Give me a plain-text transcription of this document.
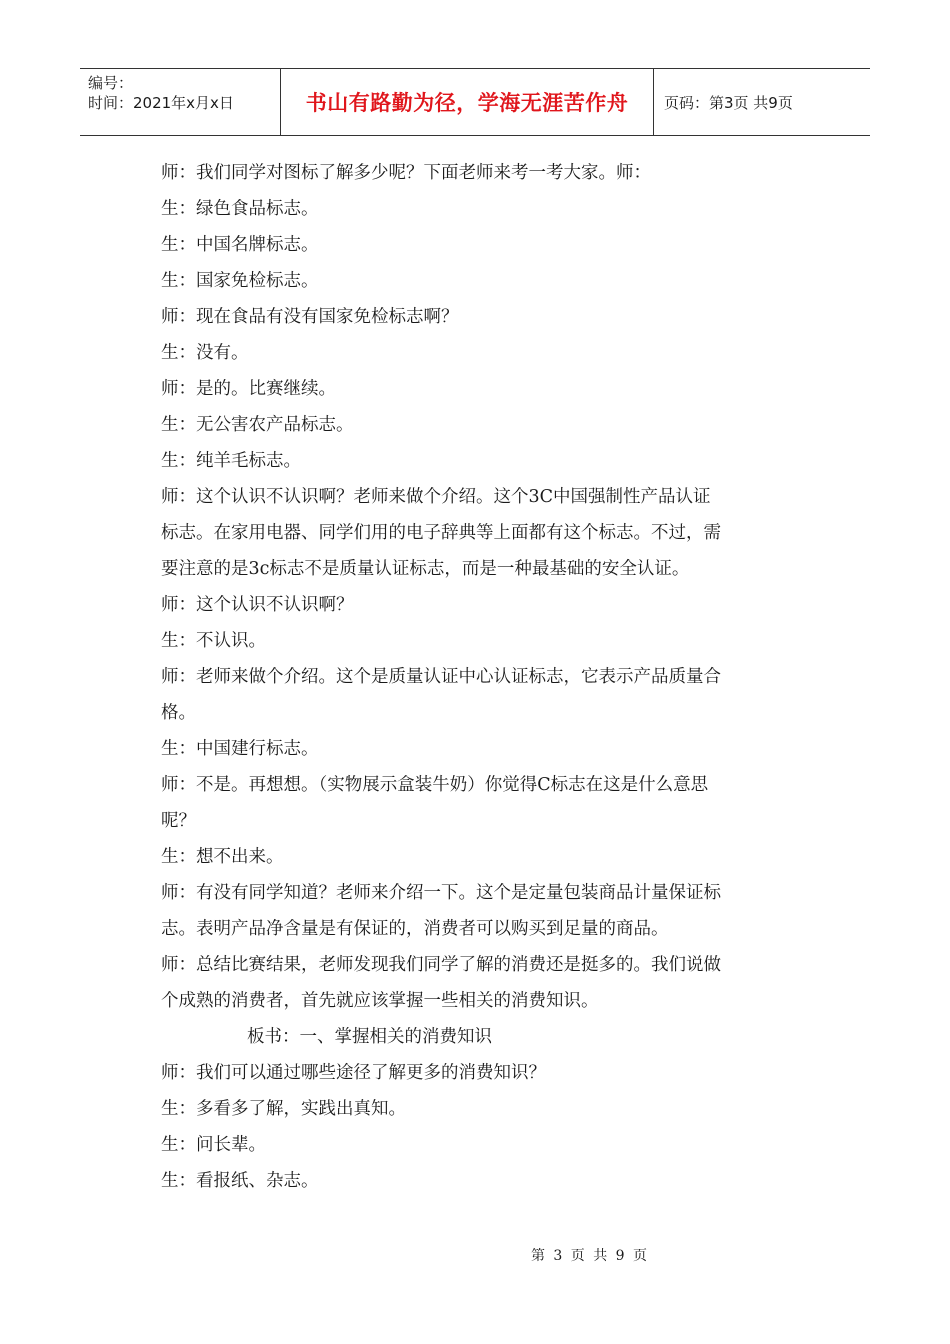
编号：
时间：2021年x月x日	书山有路勤为径，学海无涯苦作舟	页码：第3页 共9页
师：我们同学对图标了解多少呢？下面老师来考一考大家。师：
生：绿色食品标志。
生：中国名牌标志。
生：国家免检标志。
师：现在食品有没有国家免检标志啊？
生：没有。
师：是的。比赛继续。
生：无公害农产品标志。
生：纯羊毛标志。
师：这个认识不认识啊？老师来做个介绍。这个3C中国强制性产品认证
标志。在家用电器、同学们用的电子辞典等上面都有这个标志。不过，需
要注意的是3c标志不是质量认证标志，而是一种最基础的安全认证。
师：这个认识不认识啊？
生：不认识。
师：老师来做个介绍。这个是质量认证中心认证标志，它表示产品质量合
格。
生：中国建行标志。
师：不是。再想想。（实物展示盒装牛奶）你觉得C标志在这是什么意思
呢？
生：想不出来。
师：有没有同学知道？老师来介绍一下。这个是定量包装商品计量保证标
志。表明产品净含量是有保证的，消费者可以购买到足量的商品。
师：总结比赛结果，老师发现我们同学了解的消费还是挺多的。我们说做
个成熟的消费者，首先就应该掌握一些相关的消费知识。
板书：一、掌握相关的消费知识
师：我们可以通过哪些途径了解更多的消费知识？
生：多看多了解，实践出真知。
生：问长辈。
生：看报纸、杂志。
第 3 页 共 9 页
